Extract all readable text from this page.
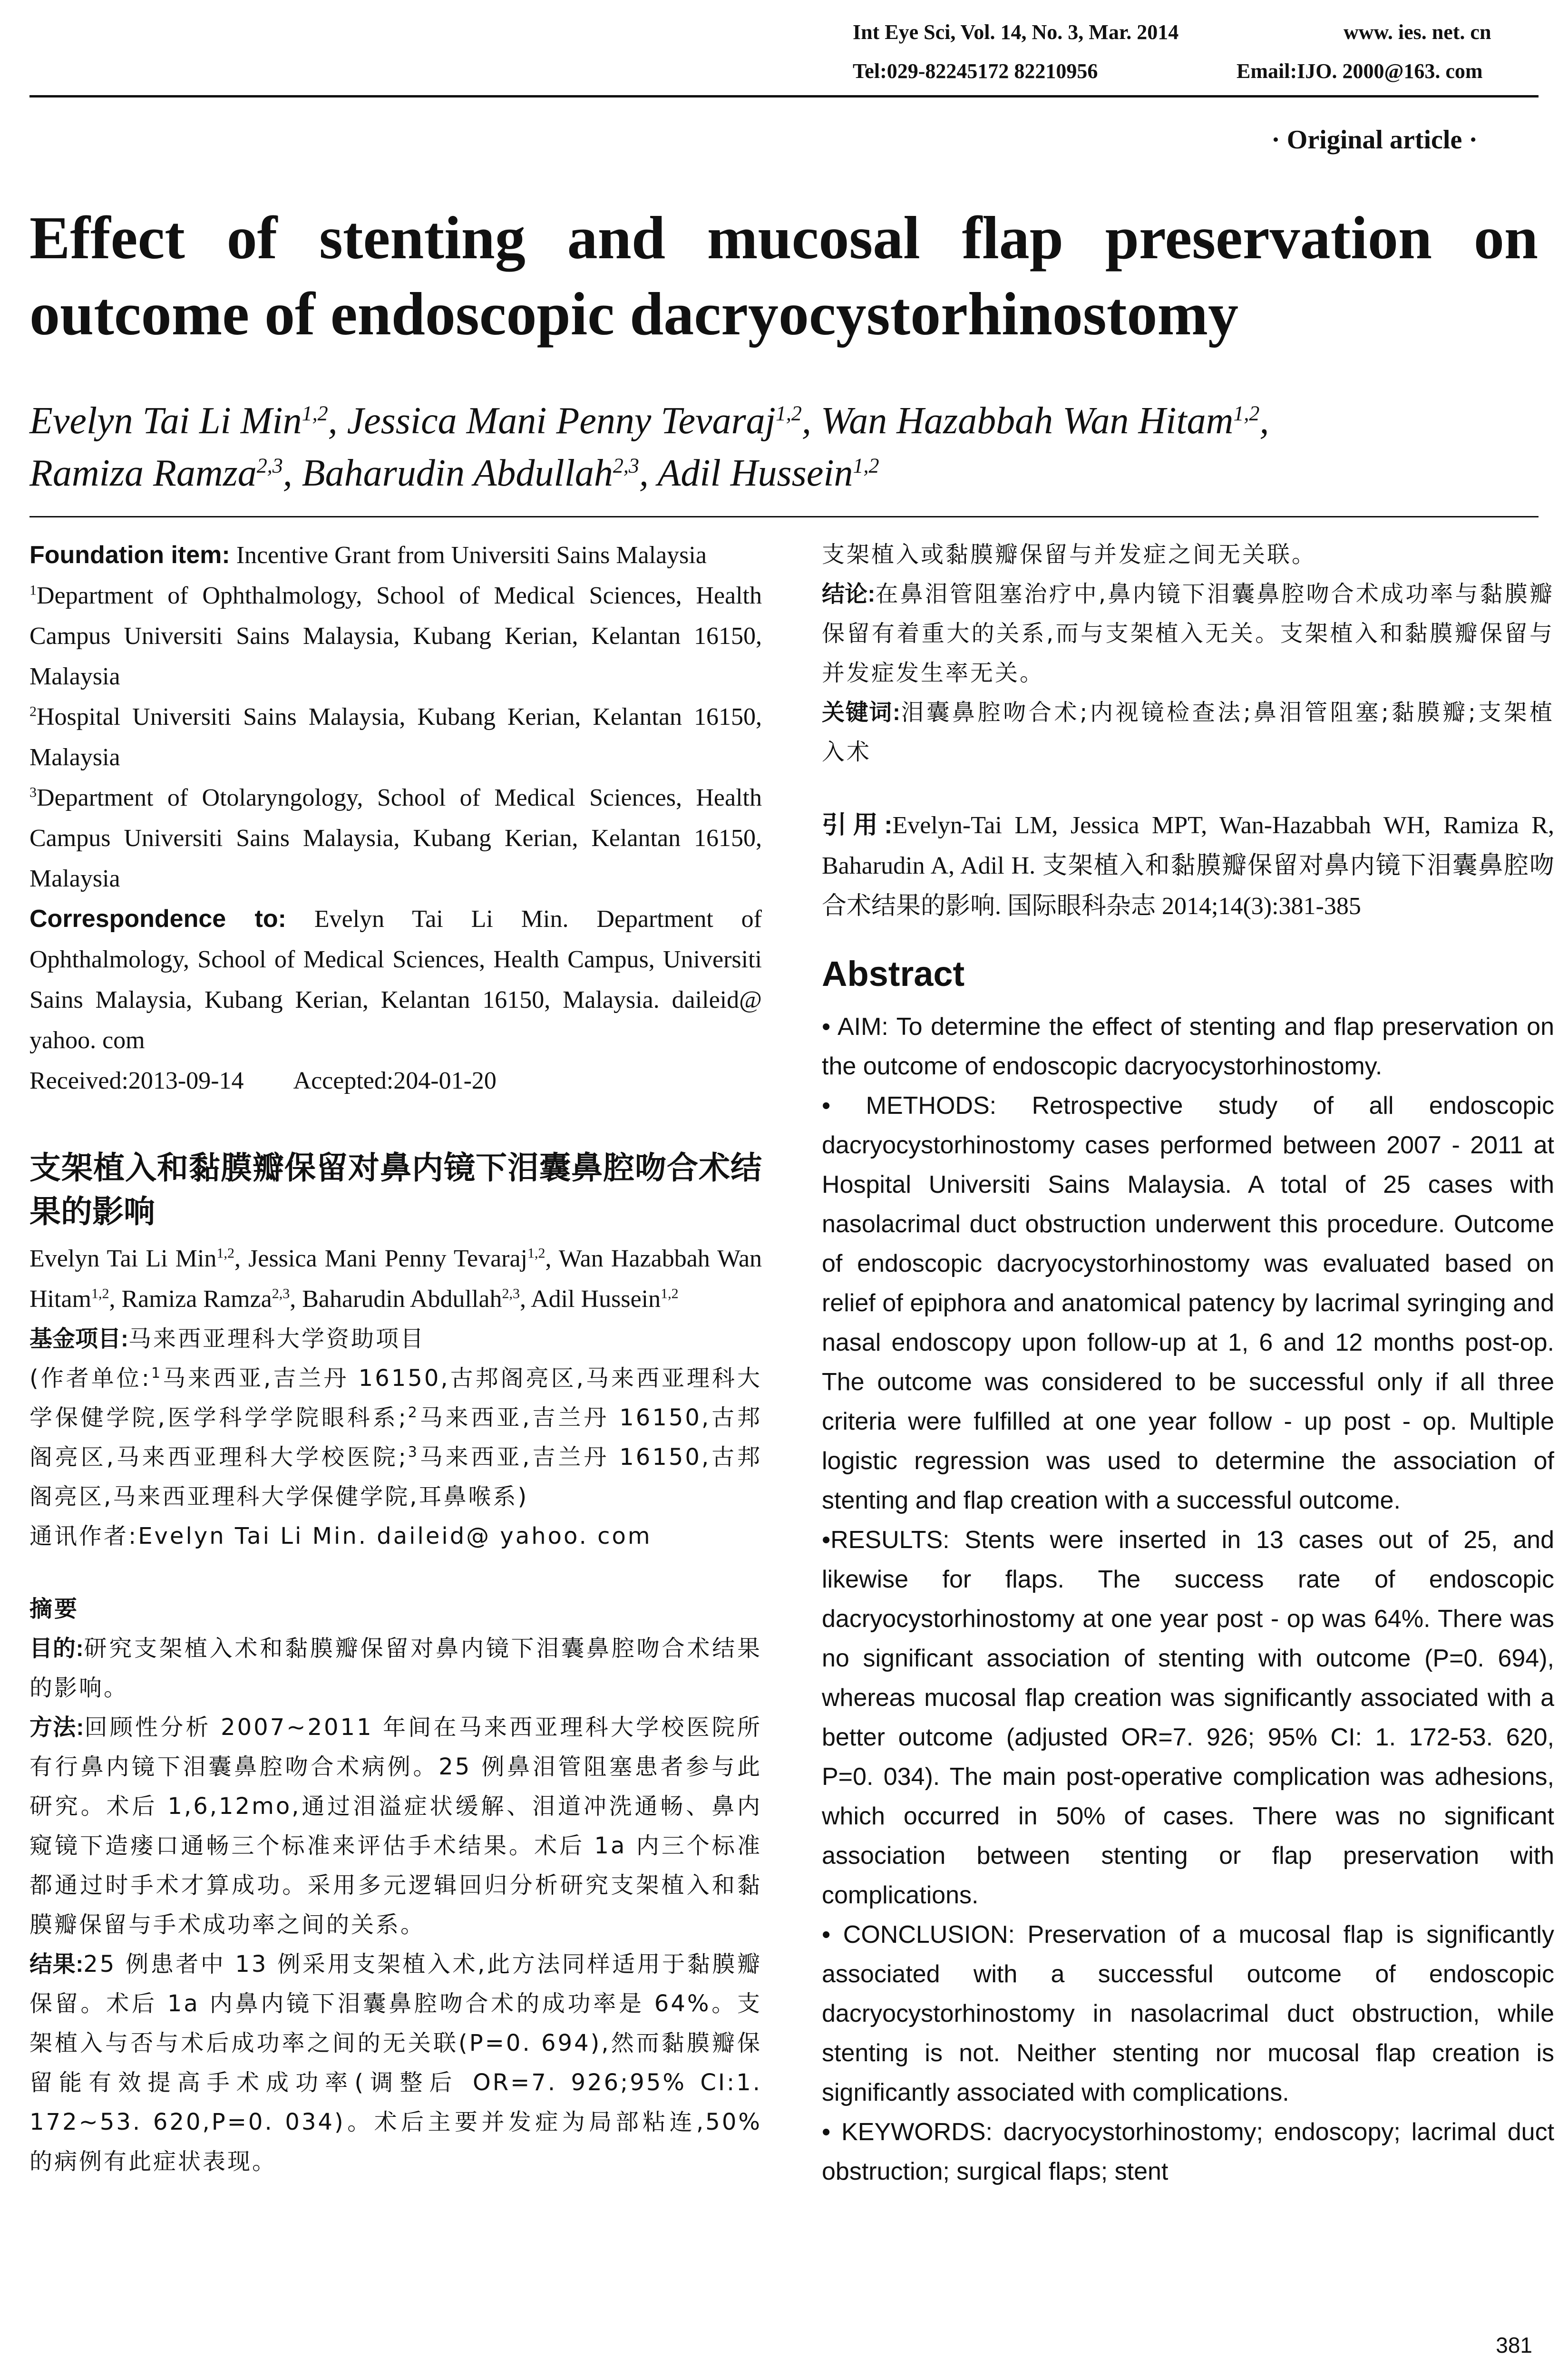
Int Eye Sci, Vol. 14, No. 3, Mar. 2014	www. ies. net. cn
Tel:029-82245172 82210956	Email:IJO. 2000@163. com
· Original article ·
Effect of stenting and mucosal flap preservation on
outcome of endoscopic dacryocystorhinostomy
Evelyn Tai Li Min$^{1,2}$, Jessica Mani Penny Tevaraj$^{1,2}$, Wan Hazabbah Wan Hitam$^{1,2}$,
Ramiza Ramza$^{2,3}$, Baharudin Abdullah$^{2,3}$, Adil Hussein$^{1,2}$

Foundation item: Incentive Grant from Universiti Sains Malaysia

$^1$Department of Ophthalmology, School of Medical Sciences, Health Campus Universiti Sains Malaysia, Kubang Kerian, Kelantan 16150, Malaysia

$^2$Hospital Universiti Sains Malaysia, Kubang Kerian, Kelantan 16150, Malaysia

$^3$Department of Otolaryngology, School of Medical Sciences, Health Campus Universiti Sains Malaysia, Kubang Kerian, Kelantan 16150, Malaysia

Correspondence to: Evelyn Tai Li Min. Department of Ophthalmology, School of Medical Sciences, Health Campus, Universiti Sains Malaysia, Kubang Kerian, Kelantan 16150, Malaysia. daileid@ yahoo. com

Received:2013-09-14 Accepted:204-01-20

支架植入和黏膜瓣保留对鼻内镜下泪囊鼻腔吻合术结果的影响

Evelyn Tai Li Min$^{1,2}$, Jessica Mani Penny Tevaraj$^{1,2}$, Wan Hazabbah Wan Hitam$^{1,2}$, Ramiza Ramza$^{2,3}$, Baharudin Abdullah$^{2,3}$, Adil Hussein$^{1,2}$

基金项目:马来西亚理科大学资助项目

(作者单位:$^1$马来西亚,吉兰丹 16150,古邦阁亮区,马来西亚理科大学保健学院,医学科学学院眼科系;$^2$马来西亚,吉兰丹 16150,古邦阁亮区,马来西亚理科大学校医院;$^3$马来西亚,吉兰丹 16150,古邦阁亮区,马来西亚理科大学保健学院,耳鼻喉系)

通讯作者:Evelyn Tai Li Min. daileid@ yahoo. com

摘要

目的:研究支架植入术和黏膜瓣保留对鼻内镜下泪囊鼻腔吻合术结果的影响。

方法:回顾性分析 2007~2011 年间在马来西亚理科大学校医院所有行鼻内镜下泪囊鼻腔吻合术病例。25 例鼻泪管阻塞患者参与此研究。术后 1,6,12mo,通过泪溢症状缓解、泪道冲洗通畅、鼻内窥镜下造瘘口通畅三个标准来评估手术结果。术后 1a 内三个标准都通过时手术才算成功。采用多元逻辑回归分析研究支架植入和黏膜瓣保留与手术成功率之间的关系。

结果:25 例患者中 13 例采用支架植入术,此方法同样适用于黏膜瓣保留。术后 1a 内鼻内镜下泪囊鼻腔吻合术的成功率是 64%。支架植入与否与术后成功率之间的无关联(P=0. 694),然而黏膜瓣保留能有效提高手术成功率(调整后 OR=7. 926;95% CI:1. 172~53. 620,P=0. 034)。术后主要并发症为局部粘连,50% 的病例有此症状表现。

支架植入或黏膜瓣保留与并发症之间无关联。

结论:在鼻泪管阻塞治疗中,鼻内镜下泪囊鼻腔吻合术成功率与黏膜瓣保留有着重大的关系,而与支架植入无关。支架植入和黏膜瓣保留与并发症发生率无关。

关键词:泪囊鼻腔吻合术;内视镜检查法;鼻泪管阻塞;黏膜瓣;支架植入术

引用:Evelyn-Tai LM, Jessica MPT, Wan-Hazabbah WH, Ramiza R, Baharudin A, Adil H. 支架植入和黏膜瓣保留对鼻内镜下泪囊鼻腔吻合术结果的影响. 国际眼科杂志 2014;14(3):381-385

Abstract

• AIM: To determine the effect of stenting and flap preservation on the outcome of endoscopic dacryocystorhinostomy.

• METHODS: Retrospective study of all endoscopic dacryocystorhinostomy cases performed between 2007 - 2011 at Hospital Universiti Sains Malaysia. A total of 25 cases with nasolacrimal duct obstruction underwent this procedure. Outcome of endoscopic dacryocystorhinostomy was evaluated based on relief of epiphora and anatomical patency by lacrimal syringing and nasal endoscopy upon follow-up at 1, 6 and 12 months post-op. The outcome was considered to be successful only if all three criteria were fulfilled at one year follow - up post - op. Multiple logistic regression was used to determine the association of stenting and flap creation with a successful outcome.

•RESULTS: Stents were inserted in 13 cases out of 25, and likewise for flaps. The success rate of endoscopic dacryocystorhinostomy at one year post - op was 64%. There was no significant association of stenting with outcome (P=0. 694), whereas mucosal flap creation was significantly associated with a better outcome (adjusted OR=7. 926; 95% CI: 1. 172-53. 620, P=0. 034). The main post-operative complication was adhesions, which occurred in 50% of cases. There was no significant association between stenting or flap preservation with complications.

• CONCLUSION: Preservation of a mucosal flap is significantly associated with a successful outcome of endoscopic dacryocystorhinostomy in nasolacrimal duct obstruction, while stenting is not. Neither stenting nor mucosal flap creation is significantly associated with complications.

• KEYWORDS: dacryocystorhinostomy; endoscopy; lacrimal duct obstruction; surgical flaps; stent

381
